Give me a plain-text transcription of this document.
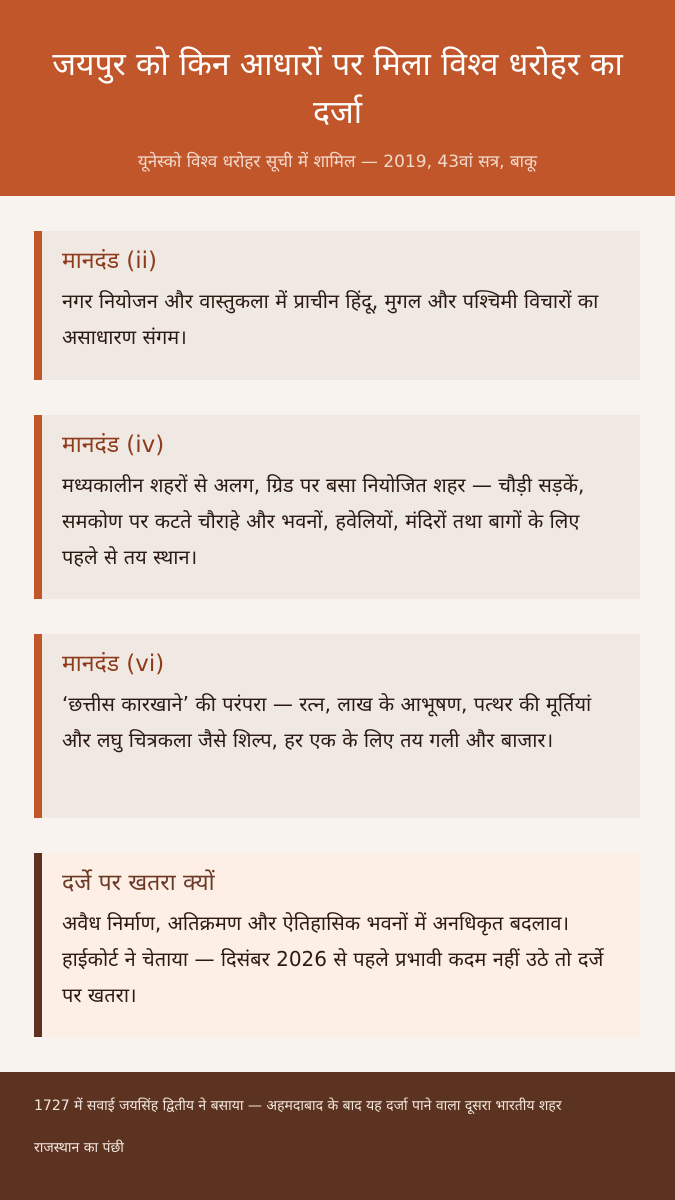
जयपुर को किन आधारों पर मिला विश्व धरोहर का दर्जा
यूनेस्को विश्व धरोहर सूची में शामिल — 2019, 43वां सत्र, बाकू
मानदंड (ii)
नगर नियोजन और वास्तुकला में प्राचीन हिंदू, मुगल और पश्चिमी विचारों का असाधारण संगम।
मानदंड (iv)
मध्यकालीन शहरों से अलग, ग्रिड पर बसा नियोजित शहर — चौड़ी सड़कें, समकोण पर कटते चौराहे और भवनों, हवेलियों, मंदिरों तथा बागों के लिए पहले से तय स्थान।
मानदंड (vi)
‘छत्तीस कारखाने’ की परंपरा — रत्न, लाख के आभूषण, पत्थर की मूर्तियां और लघु चित्रकला जैसे शिल्प, हर एक के लिए तय गली और बाजार।
दर्जे पर खतरा क्यों
अवैध निर्माण, अतिक्रमण और ऐतिहासिक भवनों में अनधिकृत बदलाव। हाईकोर्ट ने चेताया — दिसंबर 2026 से पहले प्रभावी कदम नहीं उठे तो दर्जे पर खतरा।
1727 में सवाई जयसिंह द्वितीय ने बसाया — अहमदाबाद के बाद यह दर्जा पाने वाला दूसरा भारतीय शहर
राजस्थान का पंछी
